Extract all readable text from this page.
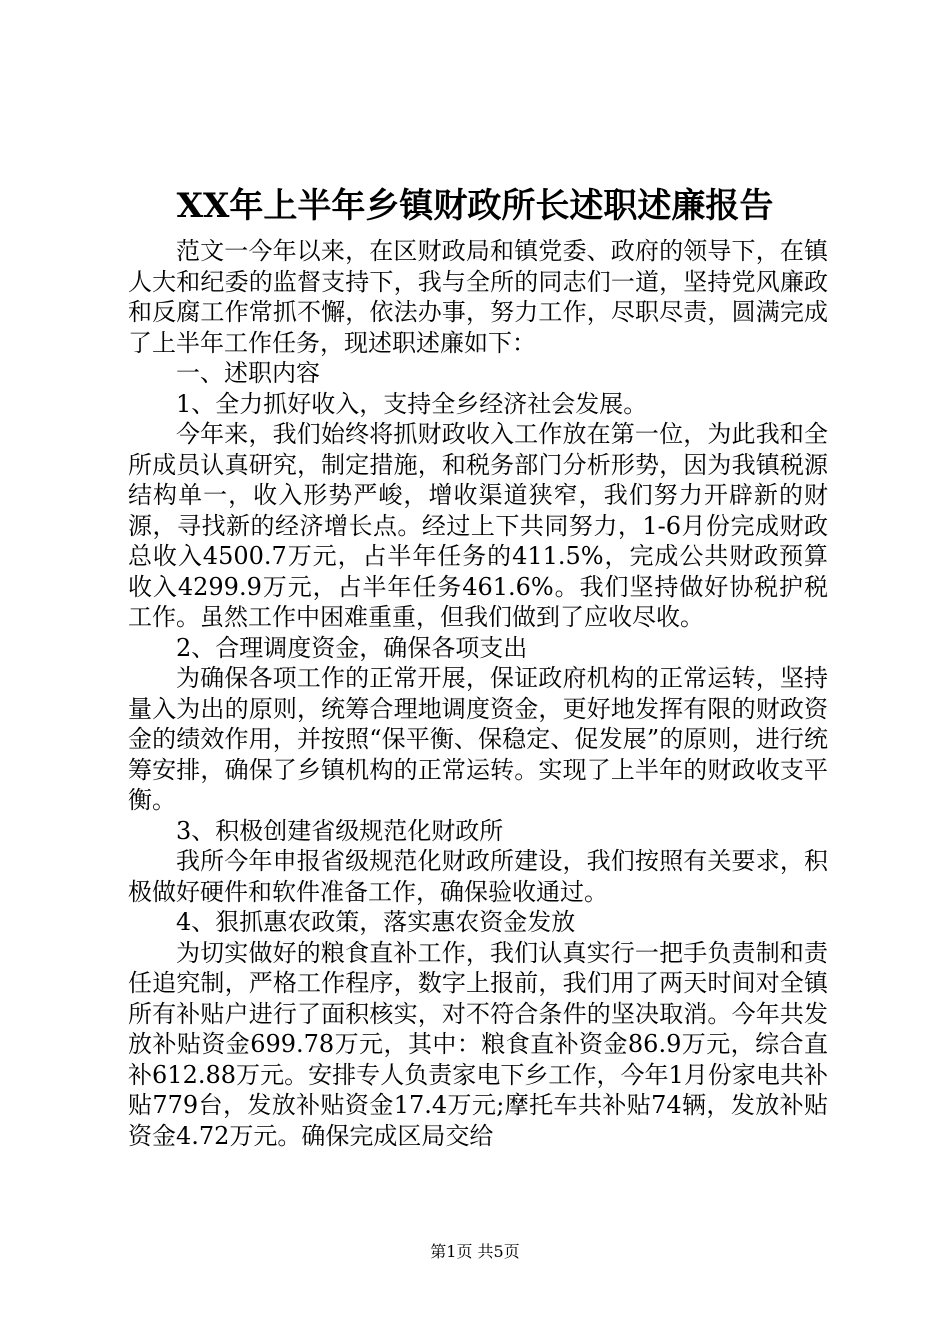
XX年上半年乡镇财政所长述职述廉报告

范文一今年以来，在区财政局和镇党委、政府的领导下，在镇人大和纪委的监督支持下，我与全所的同志们一道，坚持党风廉政和反腐工作常抓不懈，依法办事，努力工作，尽职尽责，圆满完成了上半年工作任务，现述职述廉如下：

一、述职内容

1、全力抓好收入，支持全乡经济社会发展。

今年来，我们始终将抓财政收入工作放在第一位，为此我和全所成员认真研究，制定措施，和税务部门分析形势，因为我镇税源结构单一，收入形势严峻，增收渠道狭窄，我们努力开辟新的财源，寻找新的经济增长点。经过上下共同努力，1-6月份完成财政总收入4500.7万元，占半年任务的411.5%，完成公共财政预算收入4299.9万元，占半年任务461.6%。我们坚持做好协税护税工作。虽然工作中困难重重，但我们做到了应收尽收。

2、合理调度资金，确保各项支出

为确保各项工作的正常开展，保证政府机构的正常运转，坚持量入为出的原则，统筹合理地调度资金，更好地发挥有限的财政资金的绩效作用，并按照“保平衡、保稳定、促发展”的原则，进行统筹安排，确保了乡镇机构的正常运转。实现了上半年的财政收支平衡。

3、积极创建省级规范化财政所

我所今年申报省级规范化财政所建设，我们按照有关要求，积极做好硬件和软件准备工作，确保验收通过。

4、狠抓惠农政策，落实惠农资金发放

为切实做好的粮食直补工作，我们认真实行一把手负责制和责任追究制，严格工作程序，数字上报前，我们用了两天时间对全镇所有补贴户进行了面积核实，对不符合条件的坚决取消。今年共发放补贴资金699.78万元，其中：粮食直补资金86.9万元，综合直补612.88万元。安排专人负责家电下乡工作，今年1月份家电共补贴779台，发放补贴资金17.4万元;摩托车共补贴74辆，发放补贴资金4.72万元。确保完成区局交给

第1页 共5页
